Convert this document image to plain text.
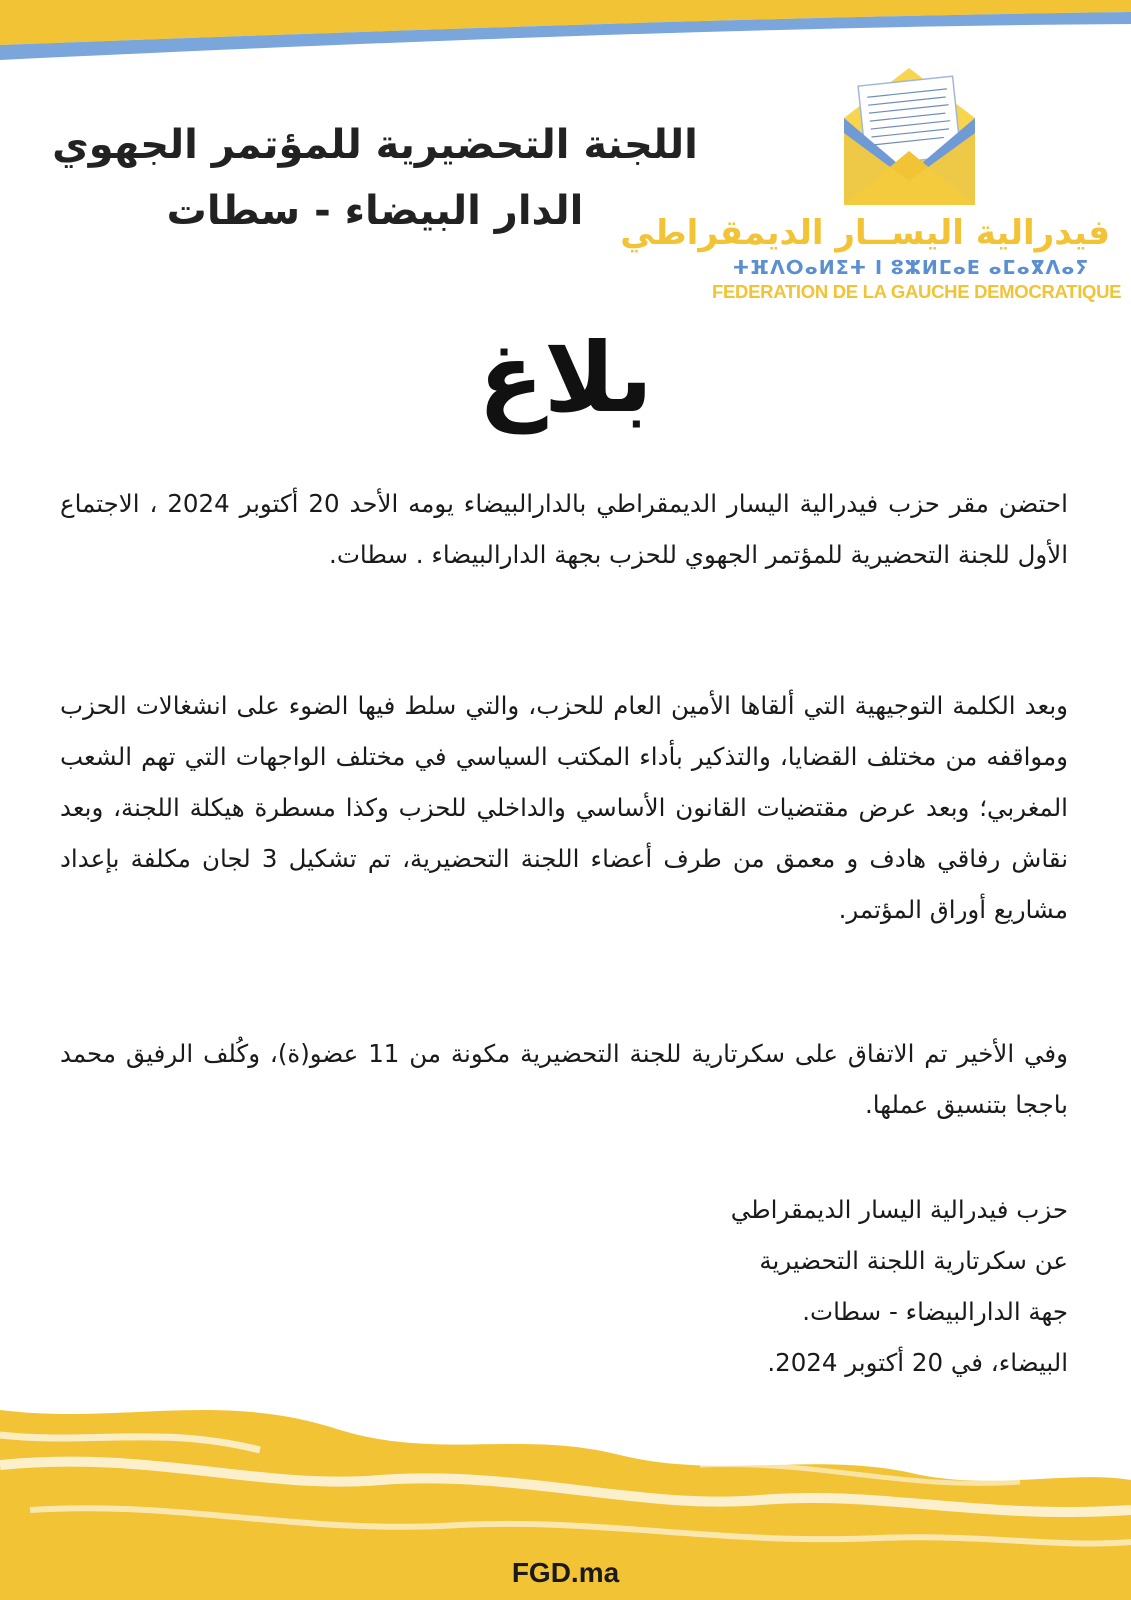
اللجنة التحضيرية للمؤتمر الجهوي
الدار البيضاء - سطات	فيدرالية اليســار الديمقراطي
ⵜⴼⴷⵔⴰⵍⵉⵜ ⵏ ⵓⵣⵍⵎⴰⴹ ⴰⵎⴰⴳⴷⴰⵢ
FEDERATION DE LA GAUCHE DEMOCRATIQUE
بلاغ
احتضن مقر حزب فيدرالية اليسار الديمقراطي بالدارالبيضاء يومه الأحد 20 أكتوبر 2024 ، الاجتماع الأول للجنة التحضيرية للمؤتمر الجهوي للحزب بجهة الدارالبيضاء . سطات.
وبعد الكلمة التوجيهية التي ألقاها الأمين العام للحزب، والتي سلط فيها الضوء على انشغالات الحزب ومواقفه من مختلف القضايا، والتذكير بأداء المكتب السياسي في مختلف الواجهات التي تهم الشعب المغربي؛ وبعد عرض مقتضيات القانون الأساسي والداخلي للحزب وكذا مسطرة هيكلة اللجنة، وبعد نقاش رفاقي هادف و معمق من طرف أعضاء اللجنة التحضيرية، تم تشكيل 3 لجان مكلفة بإعداد مشاريع أوراق المؤتمر.
وفي الأخير تم الاتفاق على سكرتارية للجنة التحضيرية مكونة من 11 عضو(ة)، وكُلف الرفيق محمد باججا بتنسيق عملها.
حزب فيدرالية اليسار الديمقراطي
عن سكرتارية اللجنة التحضيرية
جهة الدارالبيضاء - سطات.
البيضاء، في 20 أكتوبر 2024.
FGD.ma
